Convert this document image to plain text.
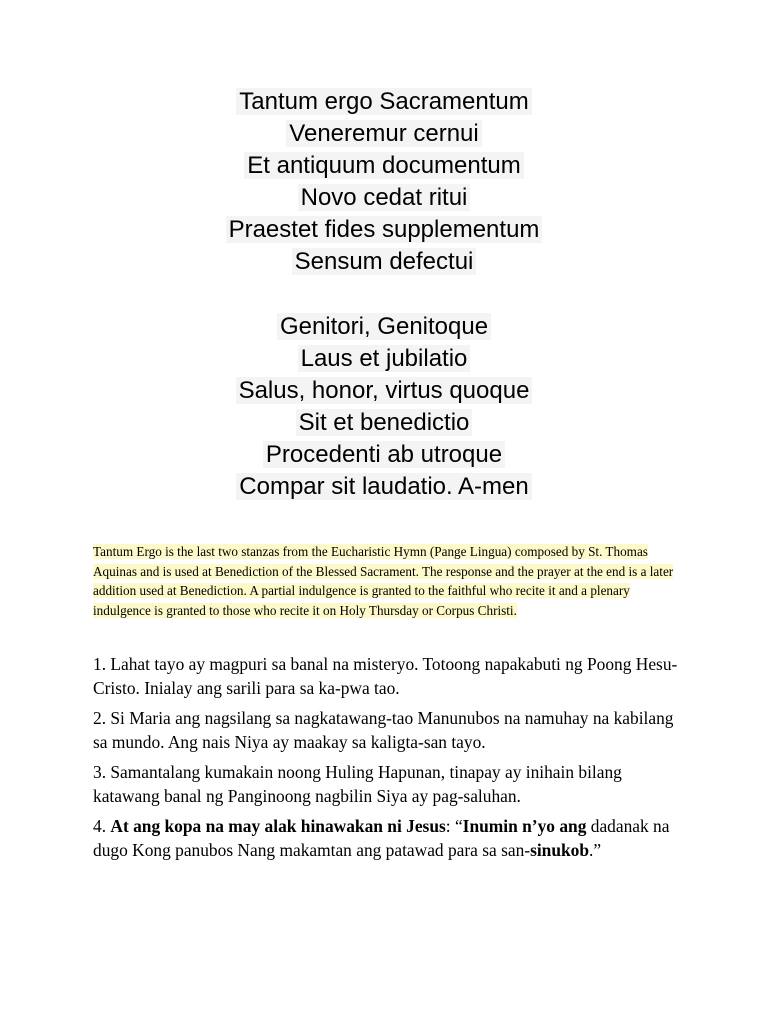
Tantum ergo Sacramentum
Veneremur cernui
Et antiquum documentum
Novo cedat ritui
Praestet fides supplementum
Sensum defectui
Genitori, Genitoque
Laus et jubilatio
Salus, honor, virtus quoque
Sit et benedictio
Procedenti ab utroque
Compar sit laudatio. A-men
Tantum Ergo is the last two stanzas from the Eucharistic Hymn (Pange Lingua) composed by St. Thomas Aquinas and is used at Benediction of the Blessed Sacrament. The response and the prayer at the end is a later addition used at Benediction. A partial indulgence is granted to the faithful who recite it and a plenary indulgence is granted to those who recite it on Holy Thursday or Corpus Christi.

1. Lahat tayo ay magpuri sa banal na misteryo. Totoong napakabuti ng Poong Hesu-Cristo. Inialay ang sarili para sa ka-pwa tao.

2. Si Maria ang nagsilang sa nagkatawang-tao Manunubos na namuhay na kabilang sa mundo. Ang nais Niya ay maakay sa kaligta-san tayo.

3. Samantalang kumakain noong Huling Hapunan, tinapay ay inihain bilang katawang banal ng Panginoong nagbilin Siya ay pag-saluhan.

4. At ang kopa na may alak hinawakan ni Jesus: “Inumin n’yo ang dadanak na dugo Kong panubos Nang makamtan ang patawad para sa san-sinukob.”
